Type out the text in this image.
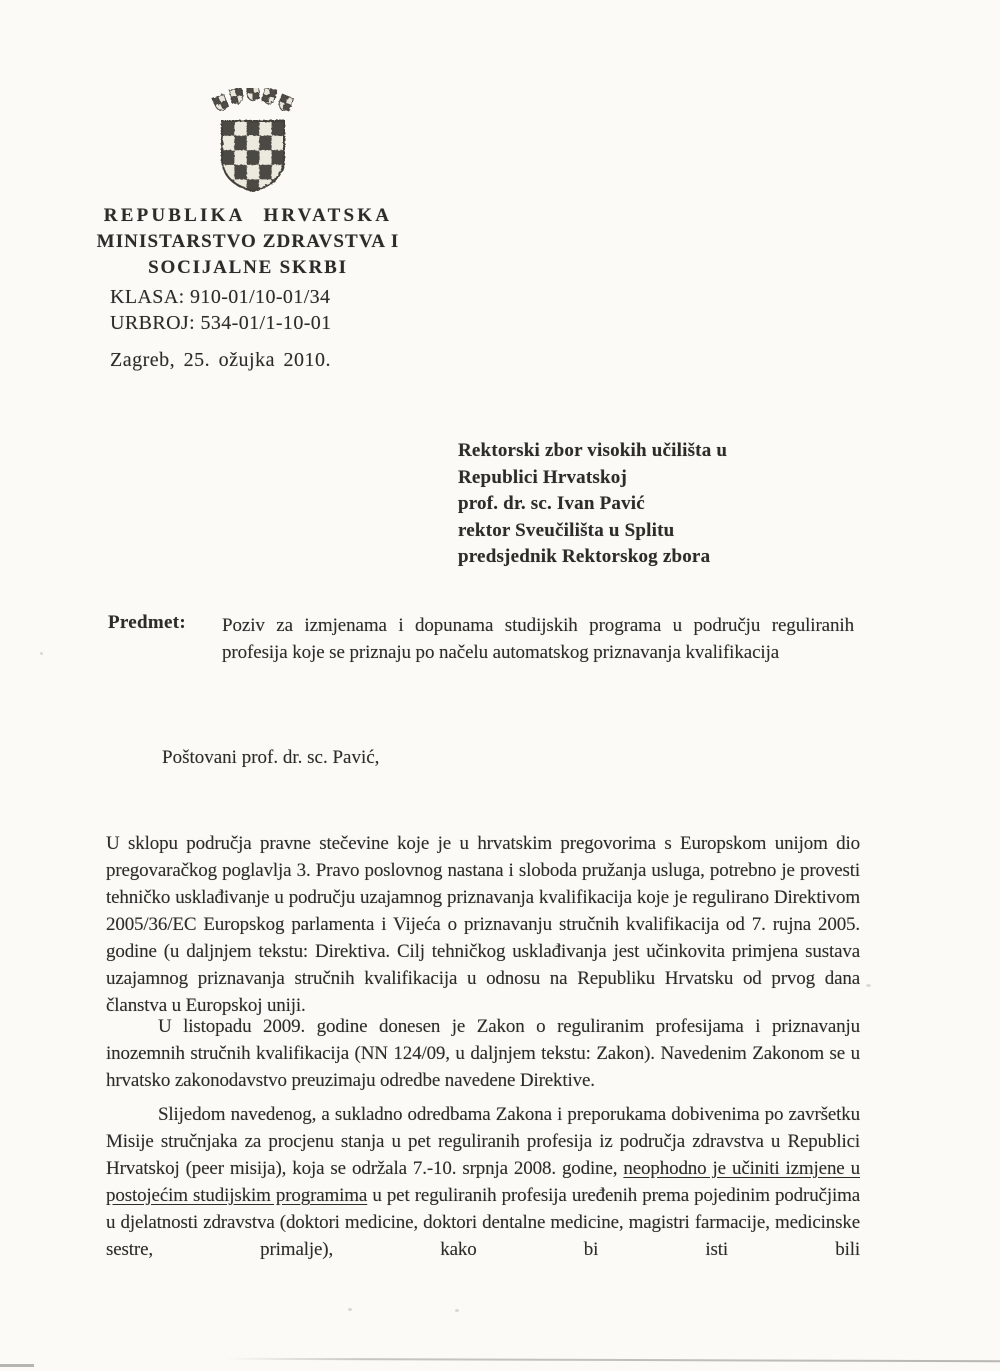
REPUBLIKA HRVATSKA
MINISTARSTVO ZDRAVSTVA I
SOCIJALNE SKRBI
KLASA: 910-01/10-01/34
URBROJ: 534-01/1-10-01
Zagreb, 25. ožujka 2010.
Rektorski zbor visokih učilišta u
Republici Hrvatskoj
prof. dr. sc. Ivan Pavić
rektor Sveučilišta u Splitu
predsjednik Rektorskog zbora
Predmet: Poziv za izmjenama i dopunama studijskih programa u području reguliranih profesija koje se priznaju po načelu automatskog priznavanja kvalifikacija
Poštovani prof. dr. sc. Pavić,
U sklopu područja pravne stečevine koje je u hrvatskim pregovorima s Europskom unijom dio pregovaračkog poglavlja 3. Pravo poslovnog nastana i sloboda pružanja usluga, potrebno je provesti tehničko usklađivanje u području uzajamnog priznavanja kvalifikacija koje je regulirano Direktivom 2005/36/EC Europskog parlamenta i Vijeća o priznavanju stručnih kvalifikacija od 7. rujna 2005. godine (u daljnjem tekstu: Direktiva. Cilj tehničkog usklađivanja jest učinkovita primjena sustava uzajamnog priznavanja stručnih kvalifikacija u odnosu na Republiku Hrvatsku od prvog dana članstva u Europskoj uniji.
U listopadu 2009. godine donesen je Zakon o reguliranim profesijama i priznavanju inozemnih stručnih kvalifikacija (NN 124/09, u daljnjem tekstu: Zakon). Navedenim Zakonom se u hrvatsko zakonodavstvo preuzimaju odredbe navedene Direktive.
Slijedom navedenog, a sukladno odredbama Zakona i preporukama dobivenima po završetku Misije stručnjaka za procjenu stanja u pet reguliranih profesija iz područja zdravstva u Republici Hrvatskoj (peer misija), koja se održala 7.-10. srpnja 2008. godine, neophodno je učiniti izmjene u postojećim studijskim programima u pet reguliranih profesija uređenih prema pojedinim područjima u djelatnosti zdravstva (doktori medicine, doktori dentalne medicine, magistri farmacije, medicinske sestre, primalje), kako bi isti bili
